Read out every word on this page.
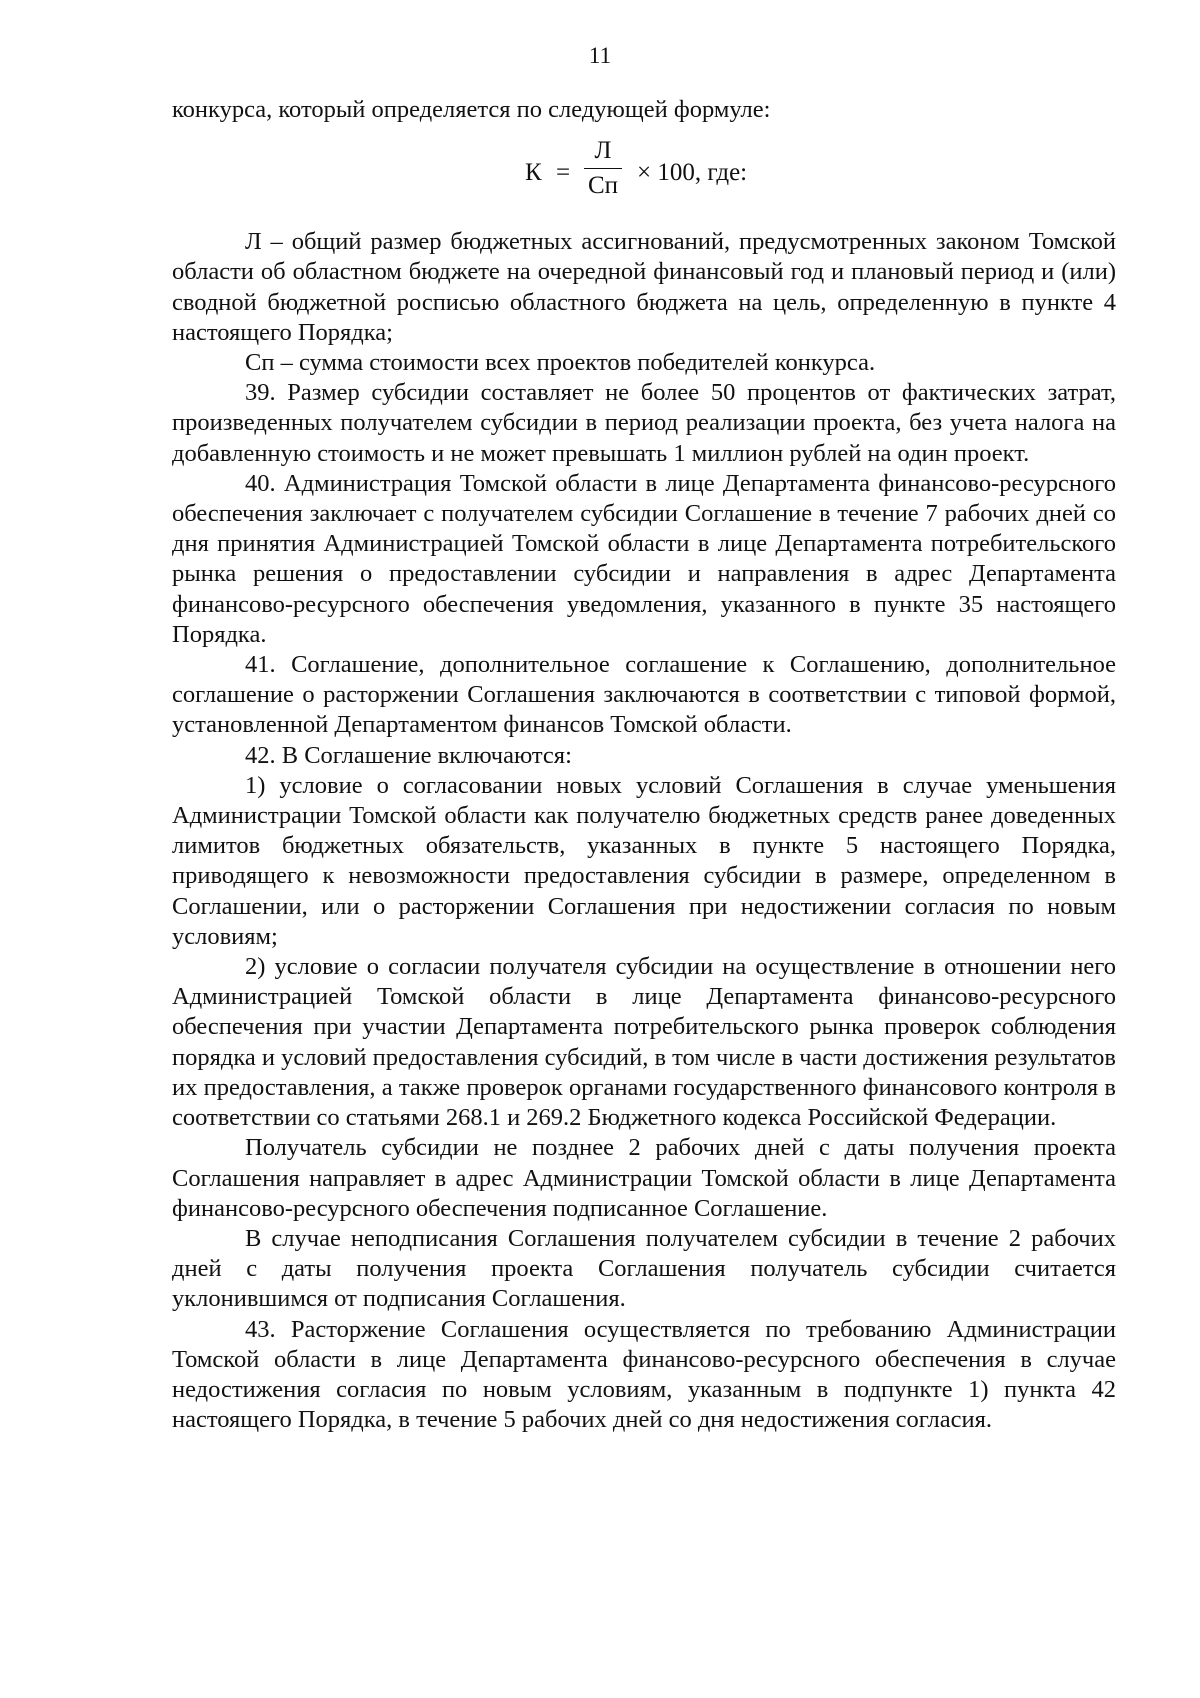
11

конкурса, который определяется по следующей формуле:

К =
Л
Сп × 100, где:

Л – общий размер бюджетных ассигнований, предусмотренных законом Томской области об областном бюджете на очередной финансовый год и плановый период и (или) сводной бюджетной росписью областного бюджета на цель, определенную в пункте 4 настоящего Порядка;

Сп – сумма стоимости всех проектов победителей конкурса.

39. Размер субсидии составляет не более 50 процентов от фактических затрат, произведенных получателем субсидии в период реализации проекта, без учета налога на добавленную стоимость и не может превышать 1 миллион рублей на один проект.

40. Администрация Томской области в лице Департамента финансово-ресурсного обеспечения заключает с получателем субсидии Соглашение в течение 7 рабочих дней со дня принятия Администрацией Томской области в лице Департамента потребительского рынка решения о предоставлении субсидии и направления в адрес Департамента финансово-ресурсного обеспечения уведомления, указанного в пункте 35 настоящего Порядка.

41. Соглашение, дополнительное соглашение к Соглашению, дополнительное соглашение о расторжении Соглашения заключаются в соответствии с типовой формой, установленной Департаментом финансов Томской области.

42. В Соглашение включаются:

1) условие о согласовании новых условий Соглашения в случае уменьшения Администрации Томской области как получателю бюджетных средств ранее доведенных лимитов бюджетных обязательств, указанных в пункте 5 настоящего Порядка, приводящего к невозможности предоставления субсидии в размере, определенном в Соглашении, или о расторжении Соглашения при недостижении согласия по новым условиям;

2) условие о согласии получателя субсидии на осуществление в отношении него Администрацией Томской области в лице Департамента финансово-ресурсного обеспечения при участии Департамента потребительского рынка проверок соблюдения порядка и условий предоставления субсидий, в том числе в части достижения результатов их предоставления, а также проверок органами государственного финансового контроля в соответствии со статьями 268.1 и 269.2 Бюджетного кодекса Российской Федерации.

Получатель субсидии не позднее 2 рабочих дней с даты получения проекта Соглашения направляет в адрес Администрации Томской области в лице Департамента финансово-ресурсного обеспечения подписанное Соглашение.

В случае неподписания Соглашения получателем субсидии в течение 2 рабочих дней с даты получения проекта Соглашения получатель субсидии считается уклонившимся от подписания Соглашения.

43. Расторжение Соглашения осуществляется по требованию Администрации Томской области в лице Департамента финансово-ресурсного обеспечения в случае недостижения согласия по новым условиям, указанным в подпункте 1) пункта 42 настоящего Порядка, в течение 5 рабочих дней со дня недостижения согласия.
